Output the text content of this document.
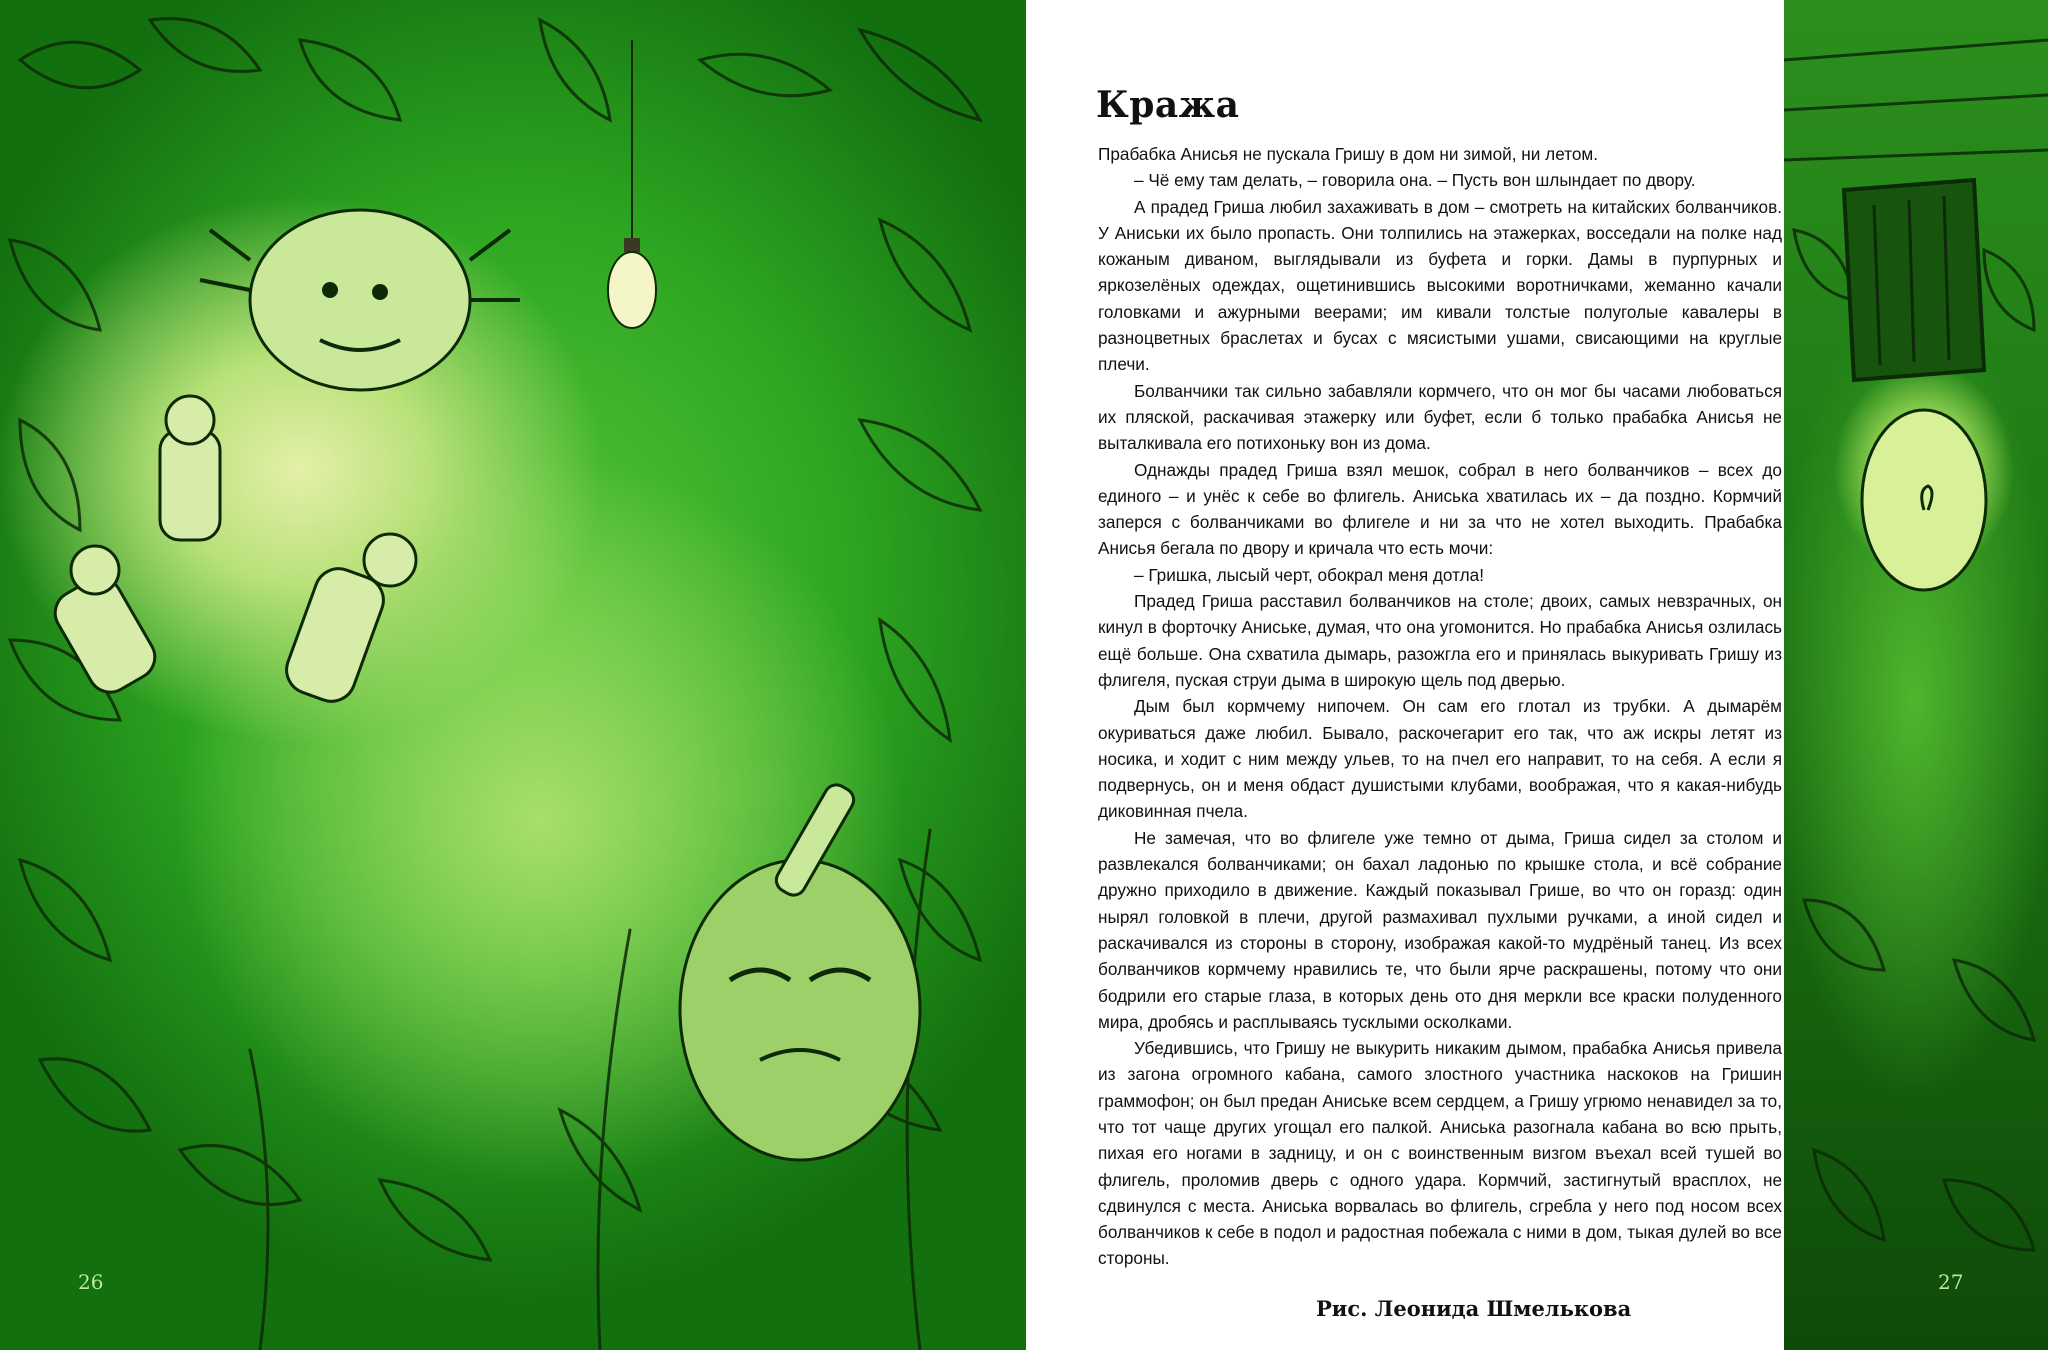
26
Кража

Прабабка Анисья не пускала Гришу в дом ни зимой, ни летом.

– Чё ему там делать, – говорила она. – Пусть вон шлындает по двору.

А прадед Гриша любил захаживать в дом – смотреть на китайских болванчиков. У Аниськи их было пропасть. Они толпились на этажерках, восседали на полке над кожаным диваном, выглядывали из буфета и горки. Дамы в пурпурных и яркозелёных одеждах, ощетинившись высокими воротничками, жеманно качали головками и ажурными веерами; им кивали толстые полуголые кавалеры в разноцветных браслетах и бусах с мясистыми ушами, свисающими на круглые плечи.

Болванчики так сильно забавляли кормчего, что он мог бы часами любоваться их пляской, раскачивая этажерку или буфет, если б только прабабка Анисья не выталкивала его потихоньку вон из дома.

Однажды прадед Гриша взял мешок, собрал в него болванчиков – всех до единого – и унёс к себе во флигель. Аниська хватилась их – да поздно. Кормчий заперся с болванчиками во флигеле и ни за что не хотел выходить. Прабабка Анисья бегала по двору и кричала что есть мочи:

– Гришка, лысый черт, обокрал меня дотла!

Прадед Гриша расставил болванчиков на столе; двоих, самых невзрачных, он кинул в форточку Аниське, думая, что она угомонится. Но прабабка Анисья озлилась ещё больше. Она схватила дымарь, разожгла его и принялась выкуривать Гришу из флигеля, пуская струи дыма в широкую щель под дверью.

Дым был кормчему нипочем. Он сам его глотал из трубки. А дымарём окуриваться даже любил. Бывало, раскочегарит его так, что аж искры летят из носика, и ходит с ним между ульев, то на пчел его направит, то на себя. А если я подвернусь, он и меня обдаст душистыми клубами, воображая, что я какая-нибудь диковинная пчела.

Не замечая, что во флигеле уже темно от дыма, Гриша сидел за столом и развлекался болванчиками; он бахал ладонью по крышке стола, и всё собрание дружно приходило в движение. Каждый показывал Грише, во что он горазд: один нырял головкой в плечи, другой размахивал пухлыми ручками, а иной сидел и раскачивался из стороны в сторону, изображая какой-то мудрёный танец. Из всех болванчиков кормчему нравились те, что были ярче раскрашены, потому что они бодрили его старые глаза, в которых день ото дня меркли все краски полуденного мира, дробясь и расплываясь тусклыми осколками.

Убедившись, что Гришу не выкурить никаким дымом, прабабка Анисья привела из загона огромного кабана, самого злостного участника наскоков на Гришин граммофон; он был предан Аниське всем сердцем, а Гришу угрюмо ненавидел за то, что тот чаще других угощал его палкой. Аниська разогнала кабана во всю прыть, пихая его ногами в задницу, и он с воинственным визгом въехал всей тушей во флигель, проломив дверь с одного удара. Кормчий, застигнутый врасплох, не сдвинулся с места. Аниська ворвалась во флигель, сгребла у него под носом всех болванчиков к себе в подол и радостная побежала с ними в дом, тыкая дулей во все стороны.

Рис. Леонида Шмелькова

27
